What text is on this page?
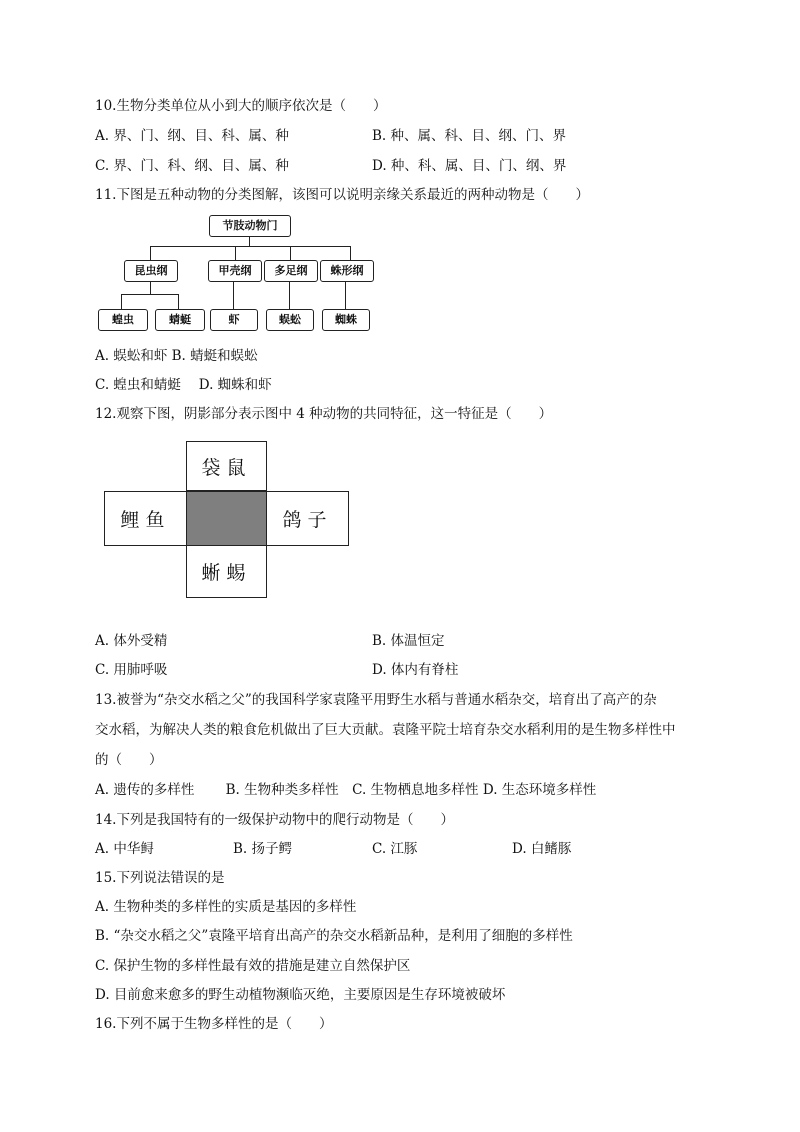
10.生物分类单位从小到大的顺序依次是（　　）
A. 界、门、纲、目、科、属、种	B. 种、属、科、目、纲、门、界
C. 界、门、科、纲、目、属、种	D. 种、科、属、目、门、纲、界
11.下图是五种动物的分类图解，该图可以说明亲缘关系最近的两种动物是（　　）
节肢动物门
昆虫纲	甲壳纲	多足纲	蛛形纲
蝗虫	蜻蜓	虾	蜈蚣	蜘蛛
A. 蜈蚣和虾 B. 蜻蜓和蜈蚣
C. 蝗虫和蜻蜓　 D. 蜘蛛和虾
12.观察下图，阴影部分表示图中 4 种动物的共同特征，这一特征是（　　）
袋鼠
鲤鱼	鸽子
蜥蜴
A. 体外受精	B. 体温恒定
C. 用肺呼吸	D. 体内有脊柱
13.被誉为“杂交水稻之父”的我国科学家袁隆平用野生水稻与普通水稻杂交，培育出了高产的杂
交水稻，为解决人类的粮食危机做出了巨大贡献。袁隆平院士培育杂交水稻利用的是生物多样性中
的（　　）
A. 遗传的多样性　　 B. 生物种类多样性　C. 生物栖息地多样性 D. 生态环境多样性
14.下列是我国特有的一级保护动物中的爬行动物是（　　）
A. 中华鲟	B. 扬子鳄	C. 江豚	D. 白鳍豚
15.下列说法错误的是
A. 生物种类的多样性的实质是基因的多样性
B. “杂交水稻之父”袁隆平培育出高产的杂交水稻新品种，是利用了细胞的多样性
C. 保护生物的多样性最有效的措施是建立自然保护区
D. 目前愈来愈多的野生动植物濒临灭绝，主要原因是生存环境被破坏
16.下列不属于生物多样性的是（　　）
